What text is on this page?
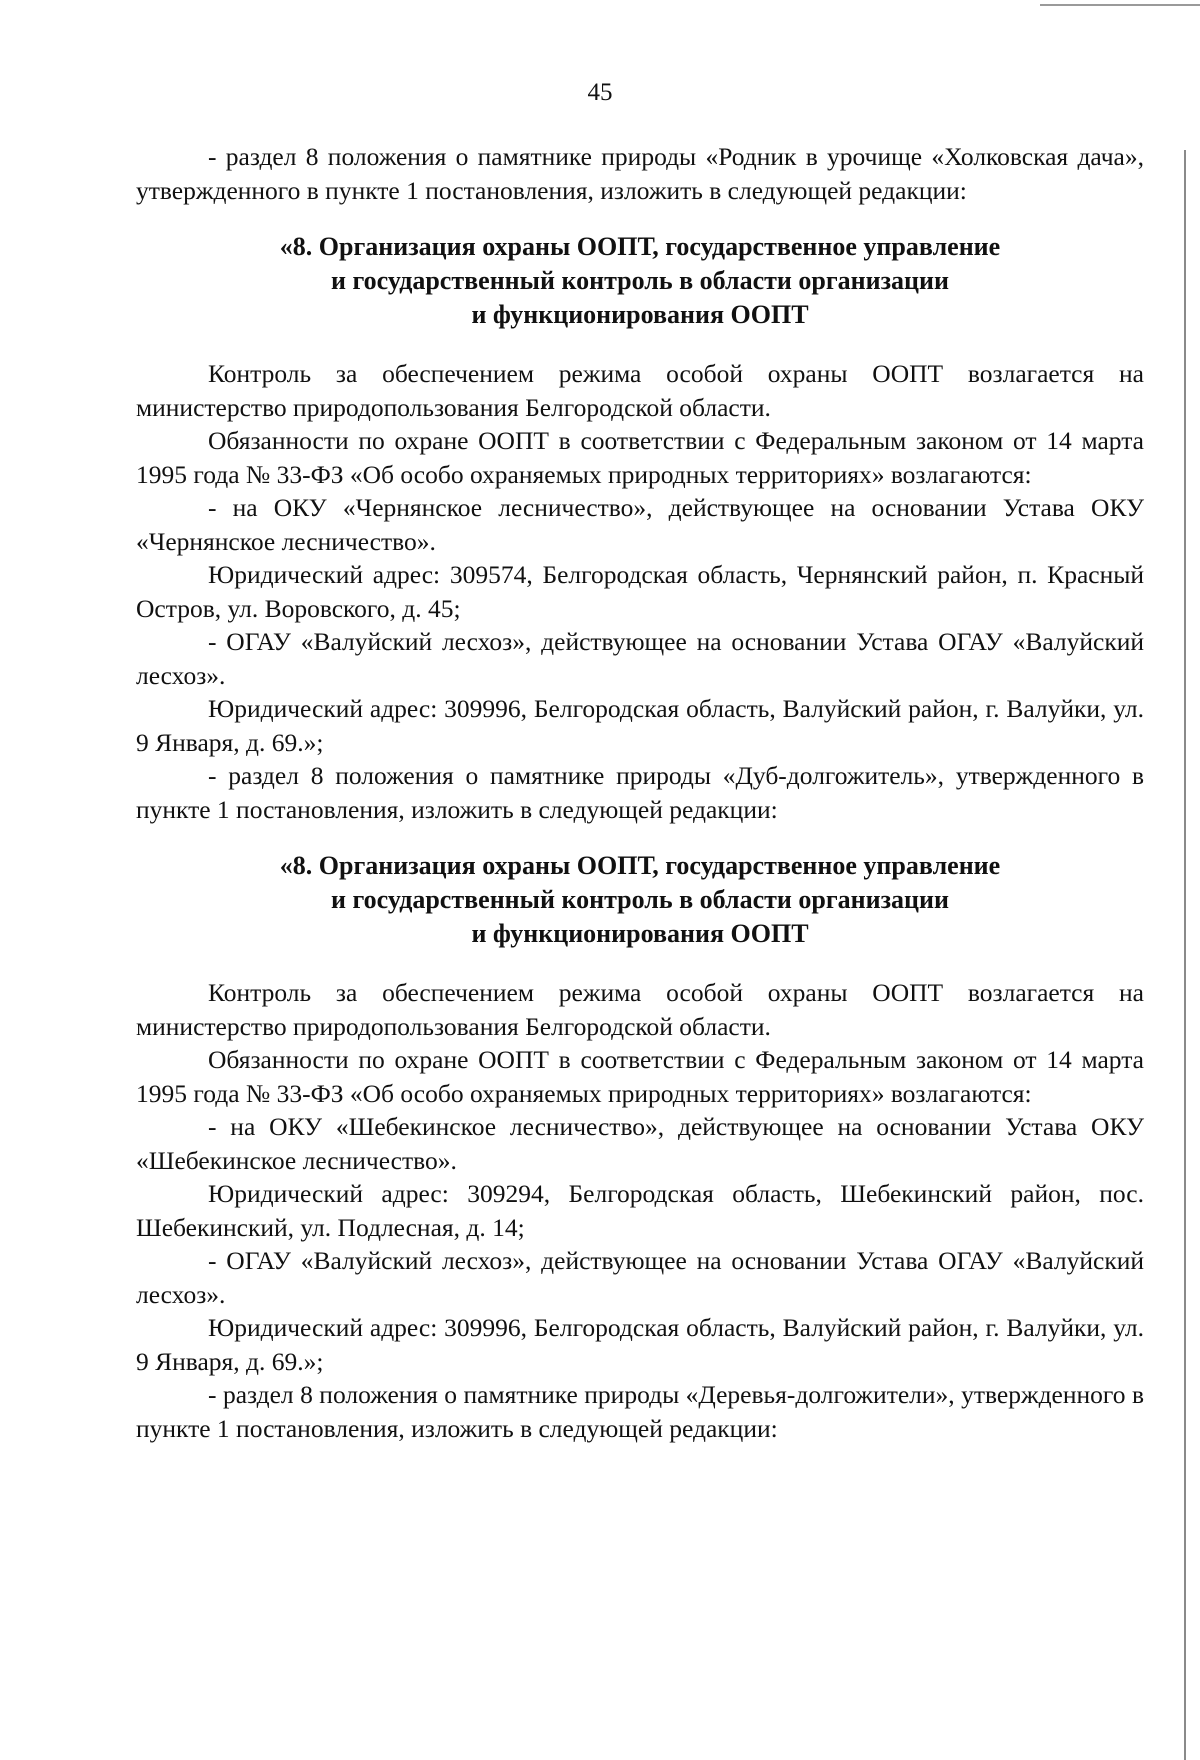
45

- раздел 8 положения о памятнике природы «Родник в урочище «Холковская дача», утвержденного в пункте 1 постановления, изложить в следующей редакции:

«8. Организация охраны ООПТ, государственное управление
и государственный контроль в области организации
и функционирования ООПТ

Контроль за обеспечением режима особой охраны ООПТ возлагается на министерство природопользования Белгородской области.

Обязанности по охране ООПТ в соответствии с Федеральным законом от 14 марта 1995 года № 33-ФЗ «Об особо охраняемых природных территориях» возлагаются:

- на ОКУ «Чернянское лесничество», действующее на основании Устава ОКУ «Чернянское лесничество».

Юридический адрес: 309574, Белгородская область, Чернянский район, п. Красный Остров, ул. Воровского, д. 45;

- ОГАУ «Валуйский лесхоз», действующее на основании Устава ОГАУ «Валуйский лесхоз».

Юридический адрес: 309996, Белгородская область, Валуйский район, г. Валуйки, ул. 9 Января, д. 69.»;

- раздел 8 положения о памятнике природы «Дуб-долгожитель», утвержденного в пункте 1 постановления, изложить в следующей редакции:

«8. Организация охраны ООПТ, государственное управление
и государственный контроль в области организации
и функционирования ООПТ

Контроль за обеспечением режима особой охраны ООПТ возлагается на министерство природопользования Белгородской области.

Обязанности по охране ООПТ в соответствии с Федеральным законом от 14 марта 1995 года № 33-ФЗ «Об особо охраняемых природных территориях» возлагаются:

- на ОКУ «Шебекинское лесничество», действующее на основании Устава ОКУ «Шебекинское лесничество».

Юридический адрес: 309294, Белгородская область, Шебекинский район, пос. Шебекинский, ул. Подлесная, д. 14;

- ОГАУ «Валуйский лесхоз», действующее на основании Устава ОГАУ «Валуйский лесхоз».

Юридический адрес: 309996, Белгородская область, Валуйский район, г. Валуйки, ул. 9 Января, д. 69.»;

- раздел 8 положения о памятнике природы «Деревья-долгожители», утвержденного в пункте 1 постановления, изложить в следующей редакции:
